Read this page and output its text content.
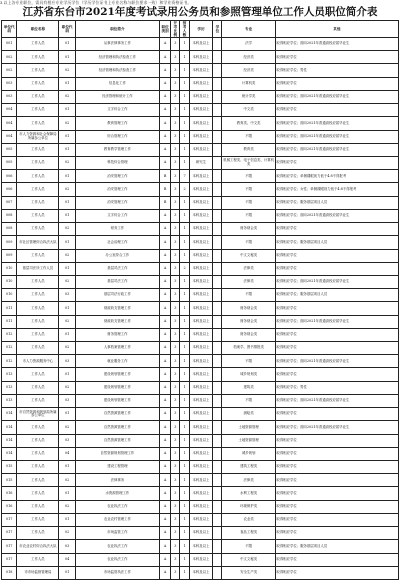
3.以上各专业职位，需具有相应专业学历学位（学历学位证书上专业名称与职位要求一致）和学业资格证书。
江苏省东台市2021年度考试录用公务员和参照管理单位工作人员职位简介表
单位代码	职位名称	职位代码	职位简介	职位类别	开考比例	招考人数	学历	学位	专业	其他
001	工作人员	01	从事法律事务工作	A	3	1	本科及以上		法学	取得相应学位；面向2021年普通高校应届毕业生
002	工作人员	01	经济管理和执法检查工作	A	3	1	本科及以上		经济类	取得相应学位
002	工作人员	02	经济管理和执法检查工作	A	3	1	本科及以上		经济类	取得相应学位；男性
003	工作人员	01	信息化工作	A	3	1	本科及以上		计算机类	取得相应学位
003	工作人员	02	经济管理和统计工作	A	3	1	本科及以上		统计学类	取得相应学位；面向2021年普通高校应届毕业生
004	工作人员	01	文字综合工作	A	3	1	本科及以上		中文类	取得相应学位
004	工作人员	02	教育管理工作	A	3	1	本科及以上		教育类、中文类	取得相应学位；面向2021年普通高校应届毕业生
004	市人力资源和社会保障局所属参公单位	01	综合管理工作	A	3	1	本科及以上		不限	取得相应学位；面向2021年普通高校应届毕业生
005	工作人员	01	教育教学管理工作	A	3	1	本科及以上		教育类	取得相应学位；面向2021年普通高校应届毕业生
005	工作人员	02	科技综合管理	A	3	1	研究生		机械工程类、电子信息类、计算机类	取得相应学位
006	工作人员	01	治安管理工作	B	3	7	本科及以上		不限	取得相应学位；单侧裸眼视力低于4.8不得报考
006	工作人员	02	治安管理工作	B	3	2	本科及以上		不限	取得相应学位；女性；单侧裸眼视力低于4.8不得报考
007	工作人员	01	治安管理工作	B	3	1	本科及以上		不限	取得相应学位；服务基层项目人员
008	工作人员	01	文字综合工作	A	3	1	本科及以上		不限	取得相应学位；面向2021年普通高校应届毕业生
008	工作人员	02	财务工作	A	3	1	本科及以上		财务财会类	取得相应学位
009	市社区管理综合执法大队	01	社会治理工作	A	3	1	本科及以上		不限	取得相应学位；服务基层项目人员
009	工作人员	02	办公室综合工作	A	3	1	本科及以上		中文文秘类	取得相应学位
010	基层司法所工作人员	01	基层司法工作	A	3	2	本科及以上		法律类	取得相应学位
010	工作人员	02	基层司法工作	A	3	1	本科及以上		法律类	取得相应学位；面向2021年普通高校应届毕业生
010	工作人员	03	基层司法行政工作	A	3	1	本科及以上		不限	取得相应学位；服务基层项目人员
011	工作人员	01	财政收支管理工作	A	3	1	本科及以上		财务财会类	取得相应学位
011	工作人员	02	财政收支管理工作	A	3	1	本科及以上		财务财会类	取得相应学位；面向2021年普通高校应届毕业生
012	工作人员	01	财务管理工作	A	3	1	本科及以上		财务财会类	取得相应学位
012	工作人员	02	人事档案管理工作	A	3	1	本科及以上		档案学、图书情报类	取得相应学位
012	市人力资源服务中心	03	就业服务工作	A	3	1	本科及以上		不限	取得相应学位；面向2021年普通高校应届毕业生
013	工作人员	01	建设规划管理工作	A	3	1	本科及以上		城乡规划类	取得相应学位
013	工作人员	02	建设规划管理工作	A	3	1	本科及以上		建筑类	取得相应学位；男性
013	工作人员	03	建设规划管理工作	A	3	1	本科及以上		不限	取得相应学位；面向2021年普通高校应届毕业生
014	市自然资源和规划局所属参公单位	01	自然资源管理工作	A	3	1	本科及以上		测绘类	取得相应学位
014	工作人员	02	自然资源管理工作	A	3	1	本科及以上		土地资源管理	取得相应学位；面向2021年普通高校应届毕业生
014	工作人员	03	自然资源管理工作	A	3	1	本科及以上		土地资源管理	取得相应学位
014	工作人员	04	自然资源规划管理工作	A	3	1	本科及以上		城乡规划	取得相应学位
015	工作人员	01	建设工程管理	A	3	1	本科及以上		建筑工程类	取得相应学位
015	工作人员	02	法律事务	A	3	1	本科及以上		法律类	取得相应学位
016	工作人员	01	水资源管理工作	A	3	1	本科及以上		水利工程类	取得相应学位
016	工作人员	02	农业执法工作	A	3	1	本科及以上		环境保护类	取得相应学位
017	工作人员	01	农业农村管理工作	A	3	1	本科及以上		农业类	取得相应学位
017	工作人员	02	市场监管工作	A	3	1	本科及以上		食品工程类	取得相应学位
017	市农业农村综合执法大队	03	农业执法工作	A	3	1	本科及以上		不限	取得相应学位；服务基层项目人员
017	工作人员	04	农业执法工作	A	3	1	本科及以上		中文文秘类	取得相应学位
018	市市场监督管理局	01	市场监管执法工作	A	3	1	本科及以上		安全生产类	取得相应学位
